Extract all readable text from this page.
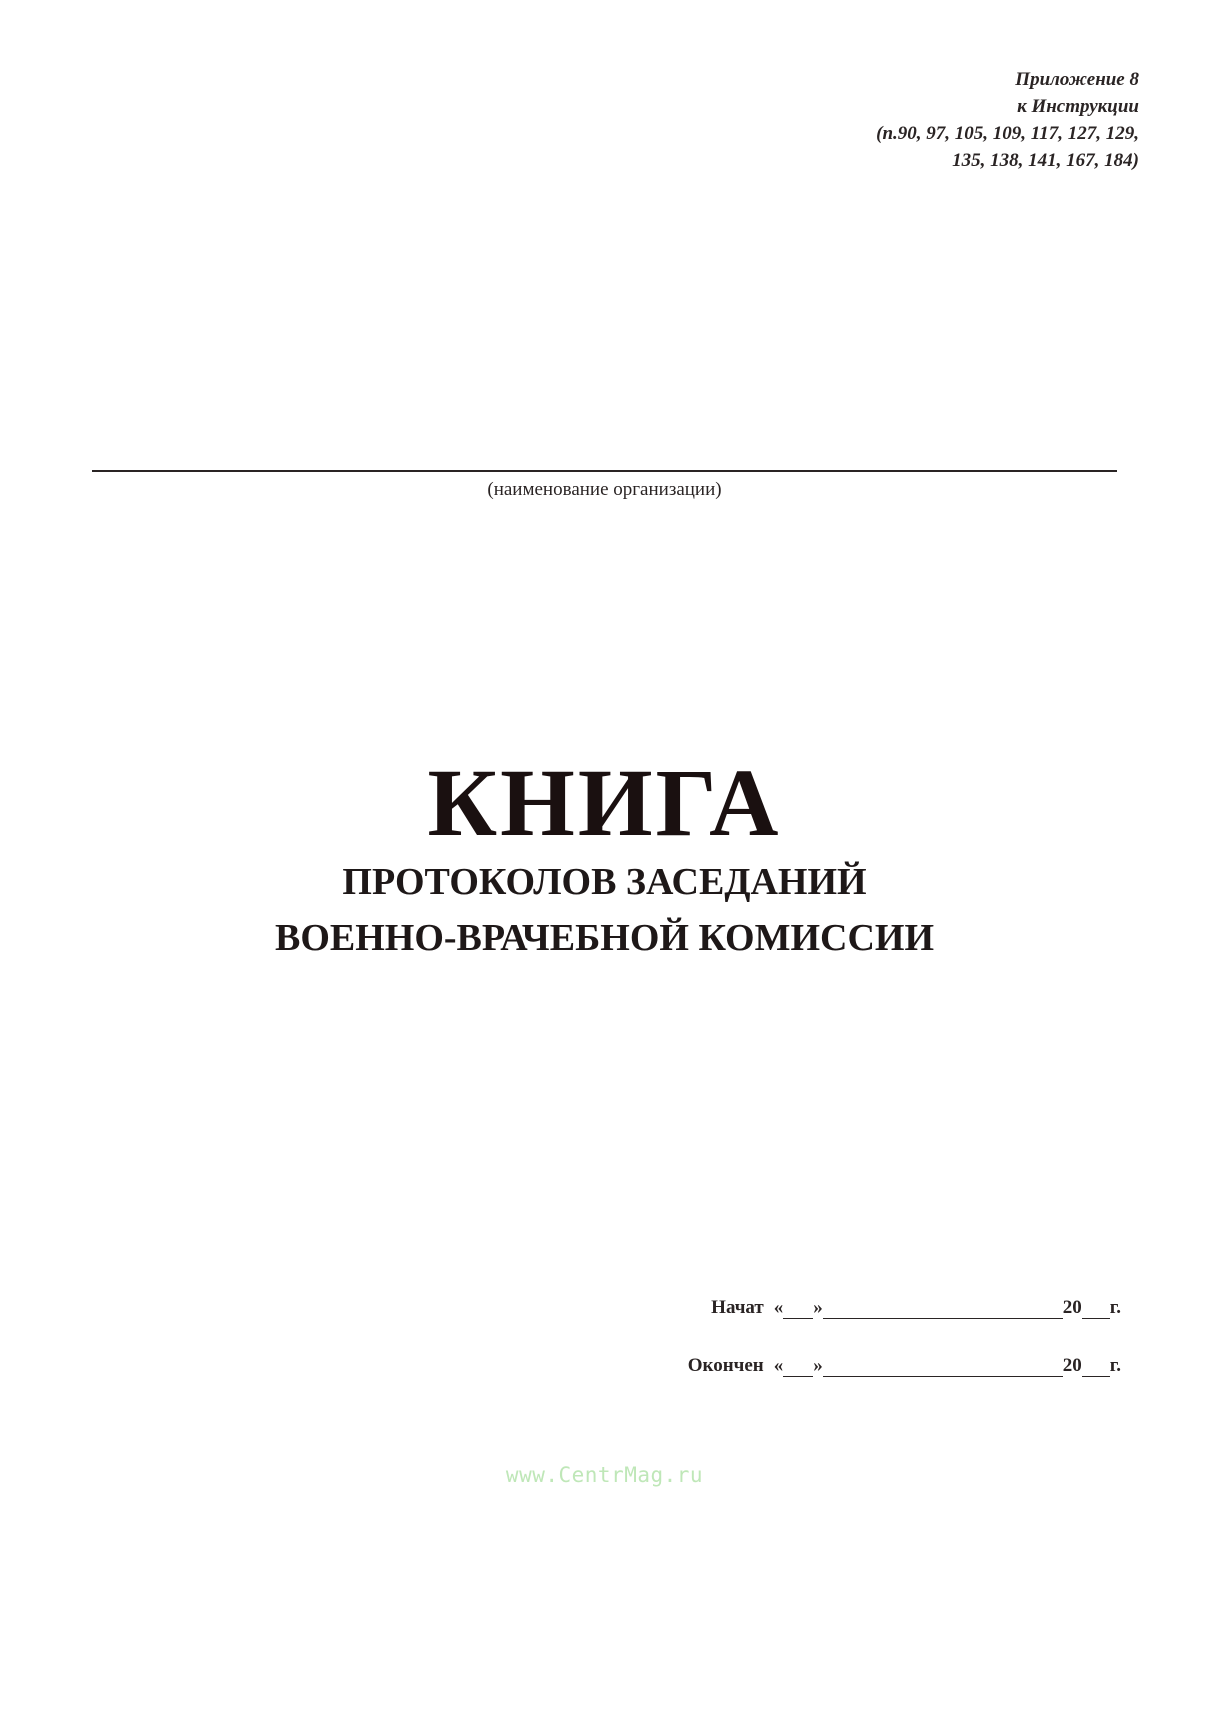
Приложение 8
к Инструкции
(п.90, 97, 105, 109, 117, 127, 129,
135, 138, 141, 167, 184)
(наименование организации)
КНИГА
ПРОТОКОЛОВ ЗАСЕДАНИЙ
ВОЕННО-ВРАЧЕБНОЙ КОМИССИИ
Начат « »	20 г.
Окончен « »	20 г.
www.CentrMag.ru
